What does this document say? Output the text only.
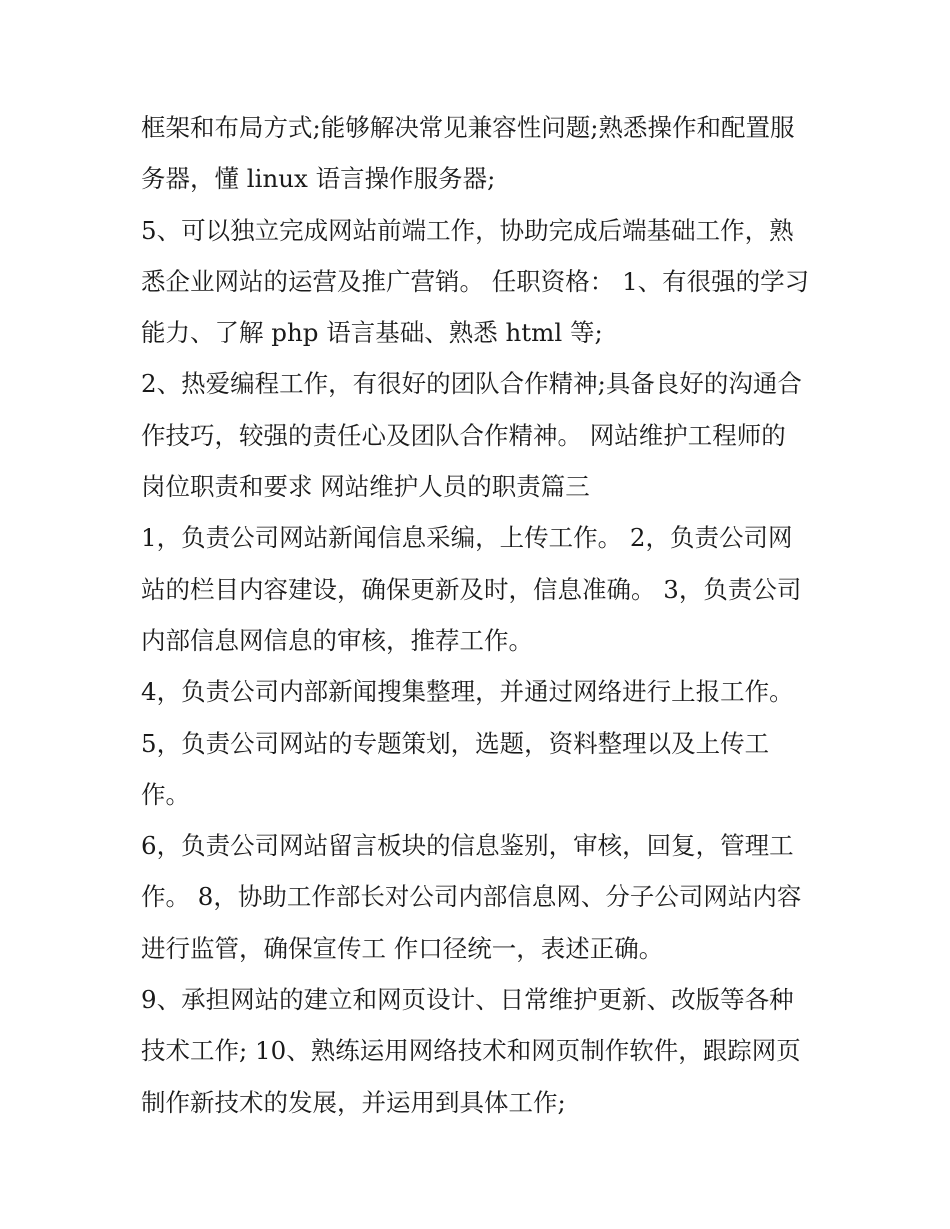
框架和布局方式;能够解决常见兼容性问题;熟悉操作和配置服
务器，懂 linux 语言操作服务器;
5、可以独立完成网站前端工作，协助完成后端基础工作，熟
悉企业网站的运营及推广营销。 任职资格： 1、有很强的学习
能力、了解 php 语言基础、熟悉 html 等;
2、热爱编程工作，有很好的团队合作精神;具备良好的沟通合
作技巧，较强的责任心及团队合作精神。 网站维护工程师的
岗位职责和要求 网站维护人员的职责篇三
1，负责公司网站新闻信息采编，上传工作。 2，负责公司网
站的栏目内容建设，确保更新及时，信息准确。 3，负责公司
内部信息网信息的审核，推荐工作。
4，负责公司内部新闻搜集整理，并通过网络进行上报工作。
5，负责公司网站的专题策划，选题，资料整理以及上传工
作。
6，负责公司网站留言板块的信息鉴别，审核，回复，管理工
作。 8，协助工作部长对公司内部信息网、分子公司网站内容
进行监管，确保宣传工 作口径统一，表述正确。
9、承担网站的建立和网页设计、日常维护更新、改版等各种
技术工作; 10、熟练运用网络技术和网页制作软件，跟踪网页
制作新技术的发展，并运用到具体工作;
